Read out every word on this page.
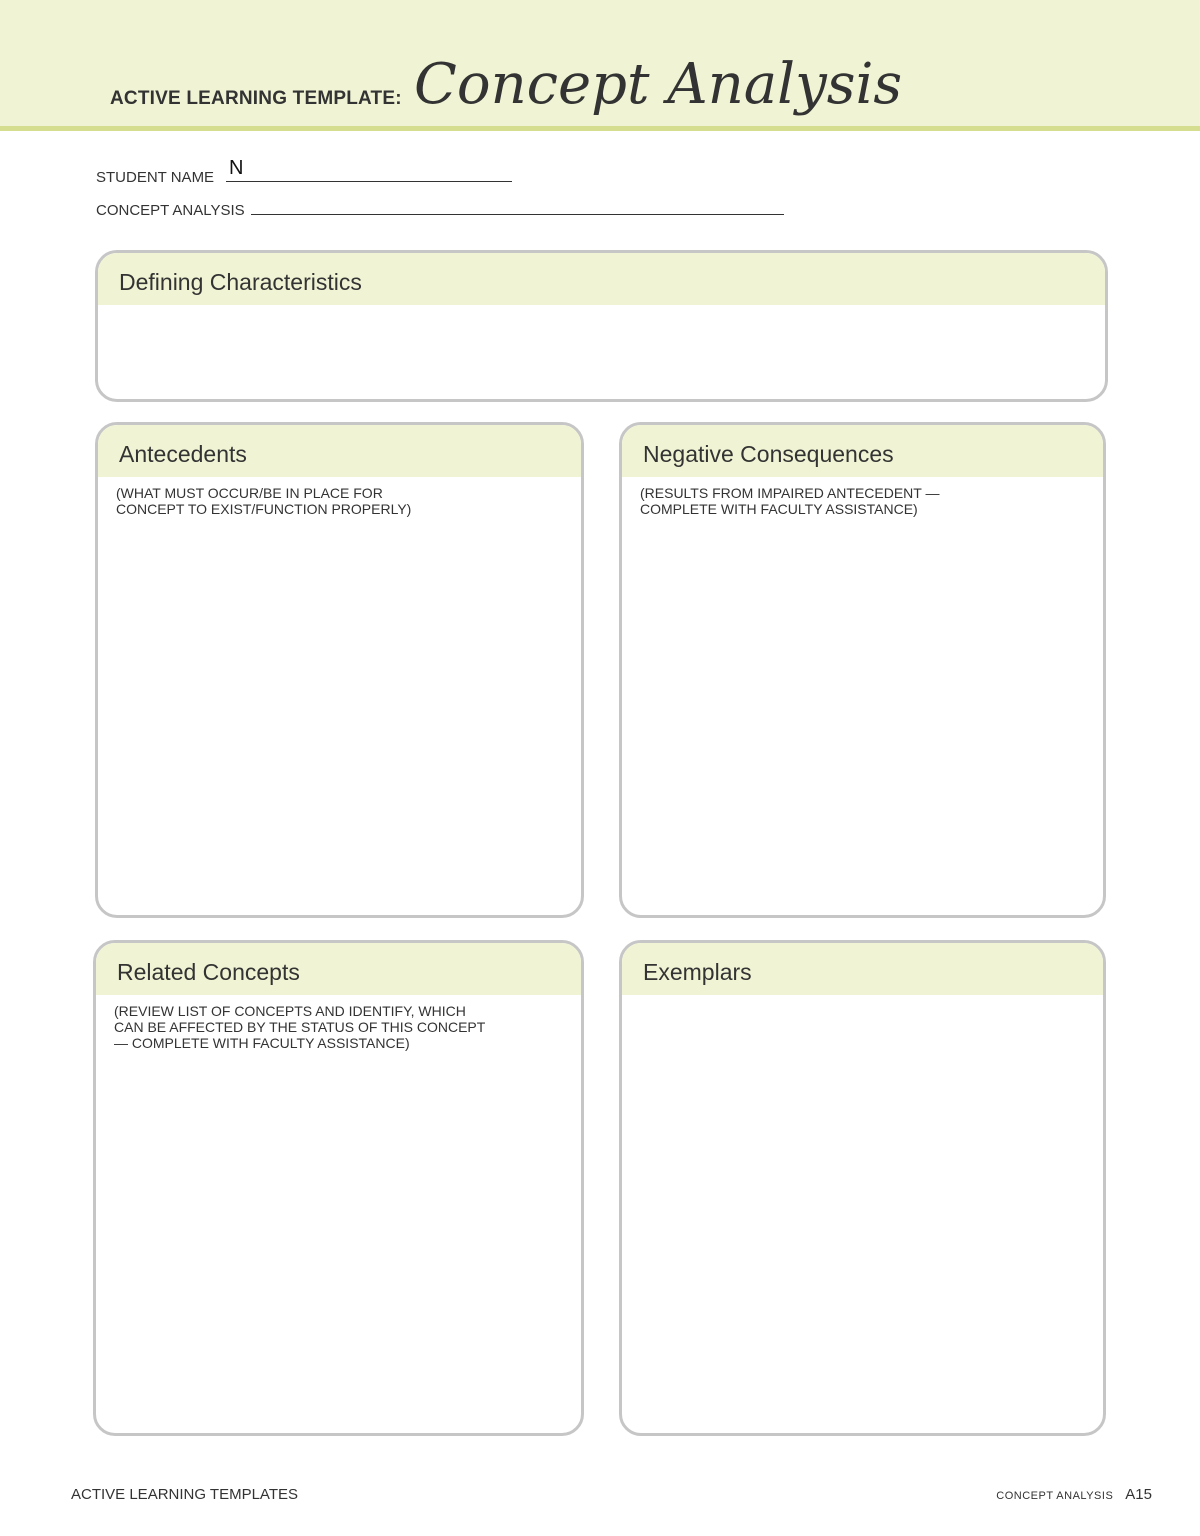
ACTIVE LEARNING TEMPLATE: Concept Analysis
STUDENT NAME N
CONCEPT ANALYSIS
Defining Characteristics
Antecedents
(WHAT MUST OCCUR/BE IN PLACE FOR
CONCEPT TO EXIST/FUNCTION PROPERLY)
Negative Consequences
(RESULTS FROM IMPAIRED ANTECEDENT —
COMPLETE WITH FACULTY ASSISTANCE)
Related Concepts
(REVIEW LIST OF CONCEPTS AND IDENTIFY, WHICH
CAN BE AFFECTED BY THE STATUS OF THIS CONCEPT
— COMPLETE WITH FACULTY ASSISTANCE)
Exemplars
ACTIVE LEARNING TEMPLATES	CONCEPT ANALYSIS A15
